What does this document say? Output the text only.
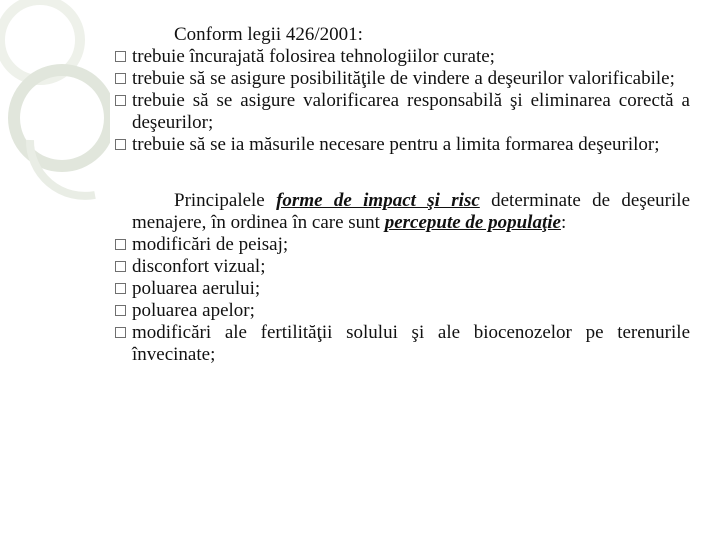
Conform legii 426/2001:

trebuie încurajată folosirea tehnologiilor curate;

trebuie să se asigure posibilităţile de vindere a deşeurilor valorificabile;

trebuie să se asigure valorificarea responsabilă şi eliminarea corectă a deşeurilor;

trebuie să se ia măsurile necesare pentru a limita formarea deşeurilor;

Principalele forme de impact şi risc determinate de deşeurile menajere, în ordinea în care sunt percepute de populaţie:

modificări de peisaj;

disconfort vizual;

poluarea aerului;

poluarea apelor;

modificări ale fertilităţii solului şi ale biocenozelor pe terenurile învecinate;
